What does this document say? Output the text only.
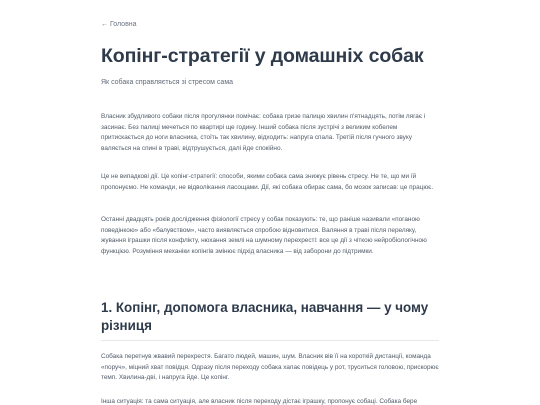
← Головна
Копінг-стратегії у домашніх собак

Як собака справляється зі стресом сама

Власник збудливого собаки після прогулянки помічає: собака гризе палицю хвилин п'ятнадцять, потім лягає і засинає. Без палиці мечеться по квартирі ще годину. Інший собака після зустрічі з великим кобелем притискається до ноги власника, стоїть так хвилину, відходить: напруга спала. Третій після гучного звуку валяється на спині в траві, відтрушується, далі йде спокійно.

Це не випадкові дії. Це копінг-стратегії: способи, якими собака сама знижує рівень стресу. Не те, що ми їй пропонуємо. Не команди, не відволікання ласощами. Дії, які собака обирає сама, бо мозок записав: це працює.

Останні двадцять років дослідження фізіології стресу у собак показують: те, що раніше називали «поганою поведінкою» або «балувством», часто виявляється спробою відновитися. Валяння в траві після переляку, жування іграшки після конфлікту, нюхання землі на шумному перехресті: все це дії з чіткою нейробіологічною функцією. Розуміння механіки копінгів змінює підхід власника — від заборони до підтримки.

1. Копінг, допомога власника, навчання — у чому різниця

Собака перетнув жвавий перехрестя. Багато людей, машин, шум. Власник вів її на короткій дистанції, команда «поруч», міцний хват повідця. Одразу після переходу собака хапає повідець у рот, труситься головою, прискорює темп. Хвилина-дві, і напруга йде. Це копінг.

Інша ситуація: та сама ситуація, але власник після переходу дістає іграшку, пропонує собаці. Собака бере
